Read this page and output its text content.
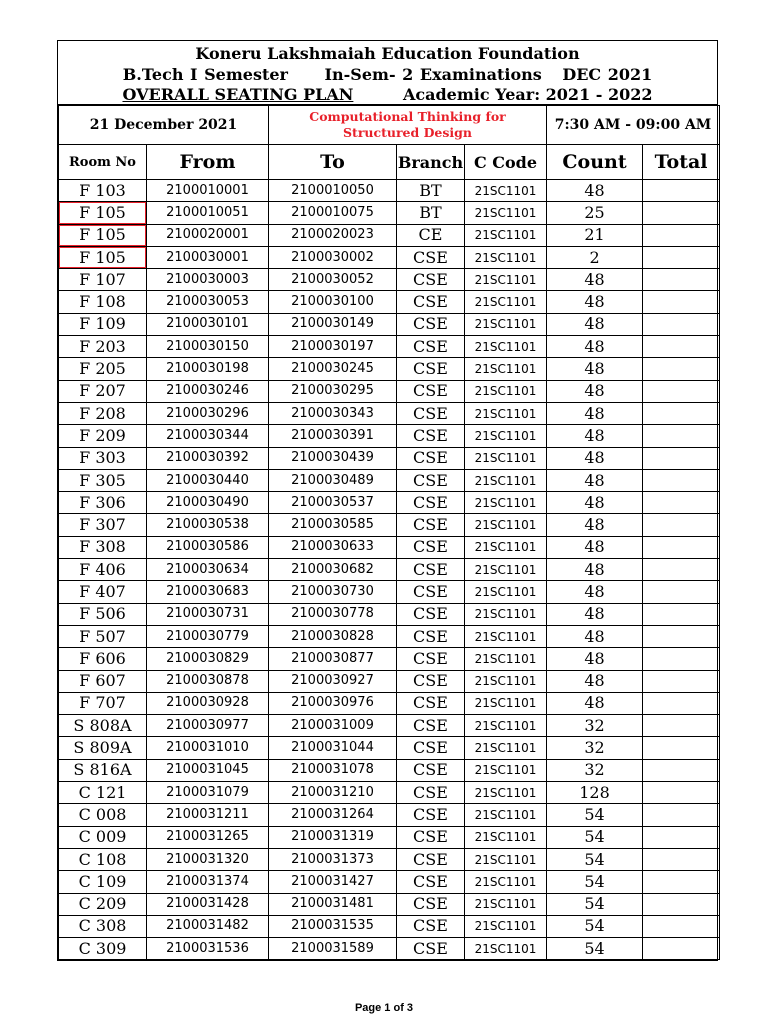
Koneru Lakshmaiah Education Foundation
B.Tech I Semester In-Sem- 2 Examinations DEC 2021
OVERALL SEATING PLAN	Academic Year: 2021 - 2022
21 December 2021		Computational Thinking for Structured Design			7:30 AM - 09:00 AM	
Room No	From	To	Branch	C Code	Count	Total
F 103	2100010001	2100010050	BT	21SC1101	48	
F 105	2100010051	2100010075	BT	21SC1101	25	
F 105	2100020001	2100020023	CE	21SC1101	21	
F 105	2100030001	2100030002	CSE	21SC1101	2	
F 107	2100030003	2100030052	CSE	21SC1101	48	
F 108	2100030053	2100030100	CSE	21SC1101	48	
F 109	2100030101	2100030149	CSE	21SC1101	48	
F 203	2100030150	2100030197	CSE	21SC1101	48	
F 205	2100030198	2100030245	CSE	21SC1101	48	
F 207	2100030246	2100030295	CSE	21SC1101	48	
F 208	2100030296	2100030343	CSE	21SC1101	48	
F 209	2100030344	2100030391	CSE	21SC1101	48	
F 303	2100030392	2100030439	CSE	21SC1101	48	
F 305	2100030440	2100030489	CSE	21SC1101	48	
F 306	2100030490	2100030537	CSE	21SC1101	48	
F 307	2100030538	2100030585	CSE	21SC1101	48	
F 308	2100030586	2100030633	CSE	21SC1101	48	
F 406	2100030634	2100030682	CSE	21SC1101	48	
F 407	2100030683	2100030730	CSE	21SC1101	48	
F 506	2100030731	2100030778	CSE	21SC1101	48	
F 507	2100030779	2100030828	CSE	21SC1101	48	
F 606	2100030829	2100030877	CSE	21SC1101	48	
F 607	2100030878	2100030927	CSE	21SC1101	48	
F 707	2100030928	2100030976	CSE	21SC1101	48	
S 808A	2100030977	2100031009	CSE	21SC1101	32	
S 809A	2100031010	2100031044	CSE	21SC1101	32	
S 816A	2100031045	2100031078	CSE	21SC1101	32	
C 121	2100031079	2100031210	CSE	21SC1101	128	
C 008	2100031211	2100031264	CSE	21SC1101	54	
C 009	2100031265	2100031319	CSE	21SC1101	54	
C 108	2100031320	2100031373	CSE	21SC1101	54	
C 109	2100031374	2100031427	CSE	21SC1101	54	
C 209	2100031428	2100031481	CSE	21SC1101	54	
C 308	2100031482	2100031535	CSE	21SC1101	54	
C 309	2100031536	2100031589	CSE	21SC1101	54	
Page 1 of 3
